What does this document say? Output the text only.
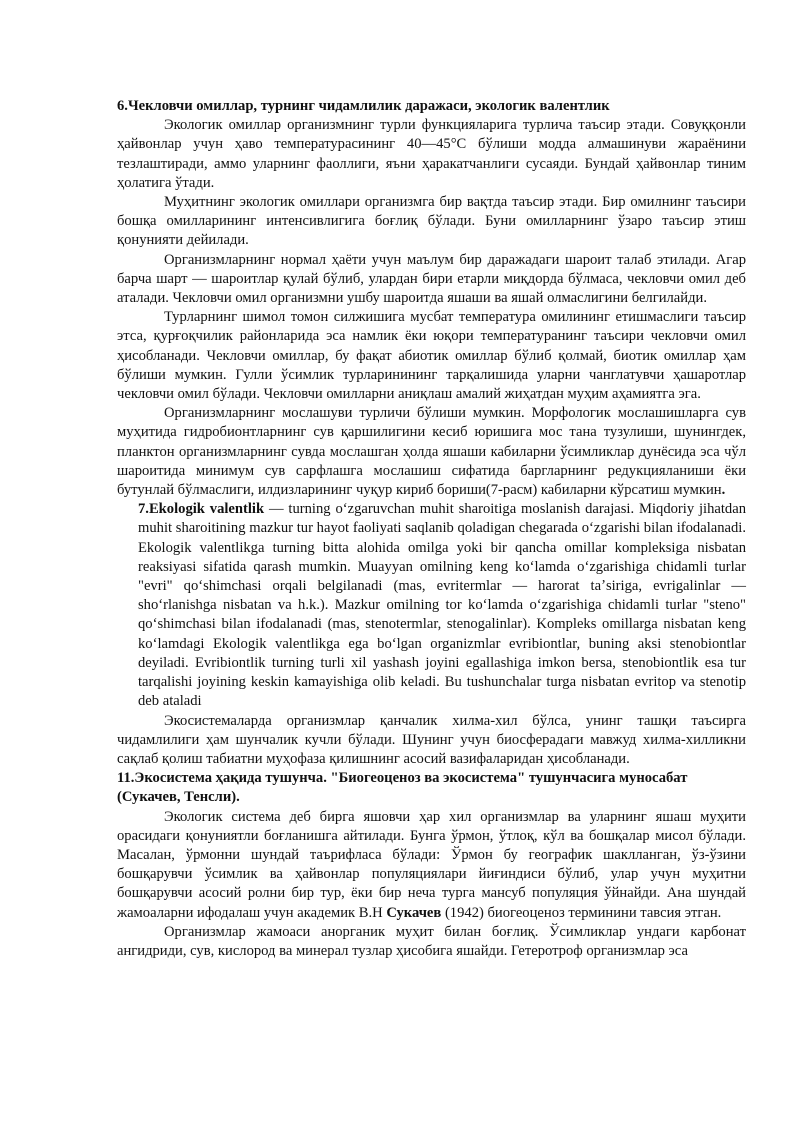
6.Чекловчи омиллар, турнинг чидамлилик даражаси, экологик валентлик

Экологик омиллар организмнинг турли функцияларига турлича таъсир этади. Совуққонли ҳайвонлар учун ҳаво температурасининг 40—45°С бўлиши модда алмашинуви жараёнини тезлаштиради, аммо уларнинг фаоллиги, яъни ҳаракатчанлиги сусаяди. Бундай ҳайвонлар тиним ҳолатига ўтади.

Муҳитнинг экологик омиллари организмга бир вақтда таъсир этади. Бир омилнинг таъсири бошқа омилларининг интенсивлигига боғлиқ бўлади. Буни омилларнинг ўзаро таъсир этиш қонунияти дейилади.

Организмларнинг нормал ҳаёти учун маълум бир даражадаги шароит талаб этилади. Агар барча шарт — шароитлар қулай бўлиб, улардан бири етарли миқдорда бўлмаса, чекловчи омил деб аталади. Чекловчи омил организмни ушбу шароитда яшаши ва яшай олмаслигини белгилайди.

Турларнинг шимол томон силжишига мусбат температура омилининг етишмаслиги таъсир этса, қурғоқчилик районларида эса намлик ёки юқори температуранинг таъсири чекловчи омил ҳисобланади. Чекловчи омиллар, бу фақат абиотик омиллар бўлиб қолмай, биотик омиллар ҳам бўлиши мумкин. Гулли ўсимлик турларинининг тарқалишида уларни чанглатувчи ҳашаротлар чекловчи омил бўлади. Чекловчи омилларни аниқлаш амалий жиҳатдан муҳим аҳамиятга эга.

Организмларнинг мослашуви турличи бўлиши мумкин. Морфологик мослашишларга сув муҳитида гидробионтларнинг сув қаршилигини кесиб юришига мос тана тузулиши, шунингдек, планктон организмларнинг сувда мослашган ҳолда яшаши кабиларни ўсимликлар дунёсида эса чўл шароитида минимум сув сарфлашга мослашиш сифатида баргларнинг редукцияланиши ёки бутунлай бўлмаслиги, илдизларининг чуқур кириб бориши(7-расм) кабиларни кўрсатиш мумкин.

7.Ekologik valentlik — turning oʻzgaruvchan muhit sharoitiga moslanish darajasi. Miqdoriy jihatdan muhit sharoitining mazkur tur hayot faoliyati saqlanib qoladigan chegarada oʻzgarishi bilan ifodalanadi. Ekologik valentlikga turning bitta alohida omilga yoki bir qancha omillar kompleksiga nisbatan reaksiyasi sifatida qarash mumkin. Muayyan omilning keng koʻlamda oʻzgarishiga chidamli turlar "evri" qoʻshimchasi orqali belgilanadi (mas, evritermlar — harorat taʼsiriga, evrigalinlar — shoʻrlanishga nisbatan va h.k.). Mazkur omilning tor koʻlamda oʻzgarishiga chidamli turlar "steno" qoʻshimchasi bilan ifodalanadi (mas, stenotermlar, stenogalinlar). Kompleks omillarga nisbatan keng koʻlamdagi Ekologik valentlikga ega boʻlgan organizmlar evribiontlar, buning aksi stenobiontlar deyiladi. Evribiontlik turning turli xil yashash joyini egallashiga imkon bersa, stenobiontlik esa tur tarqalishi joyining keskin kamayishiga olib keladi. Bu tushunchalar turga nisbatan evritop va stenotip deb ataladi

Экосистемаларда организмлар қанчалик хилма-хил бўлса, унинг ташқи таъсирга чидамлилиги ҳам шунчалик кучли бўлади. Шунинг учун биосферадаги мавжуд хилма-хилликни сақлаб қолиш табиатни муҳофаза қилишнинг асосий вазифаларидан ҳисобланади.

11.Экосистема ҳақида тушунча. "Биогеоценоз ва экосистема" тушунчасига муносабат (Сукачев, Тенсли).

Экологик система деб бирга яшовчи ҳар хил организмлар ва уларнинг яшаш муҳити орасидаги қонуниятли боғланишга айтилади. Бунга ўрмон, ўтлоқ, кўл ва бошқалар мисол бўлади. Масалан, ўрмонни шундай таърифласа бўлади: Ўрмон бу географик шаклланган, ўз-ўзини бошқарувчи ўсимлик ва ҳайвонлар популяциялари йиғиндиси бўлиб, улар учун муҳитни бошқарувчи асосий ролни бир тур, ёки бир неча турга мансуб популяция ўйнайди. Ана шундай жамоаларни ифодалаш учун академик В.Н Сукачев (1942) биогеоценоз терминини тавсия этган.

Организмлар жамоаси анорганик муҳит билан боғлиқ. Ўсимликлар ундаги карбонат ангидриди, сув, кислород ва минерал тузлар ҳисобига яшайди. Гетеротроф организмлар эса
